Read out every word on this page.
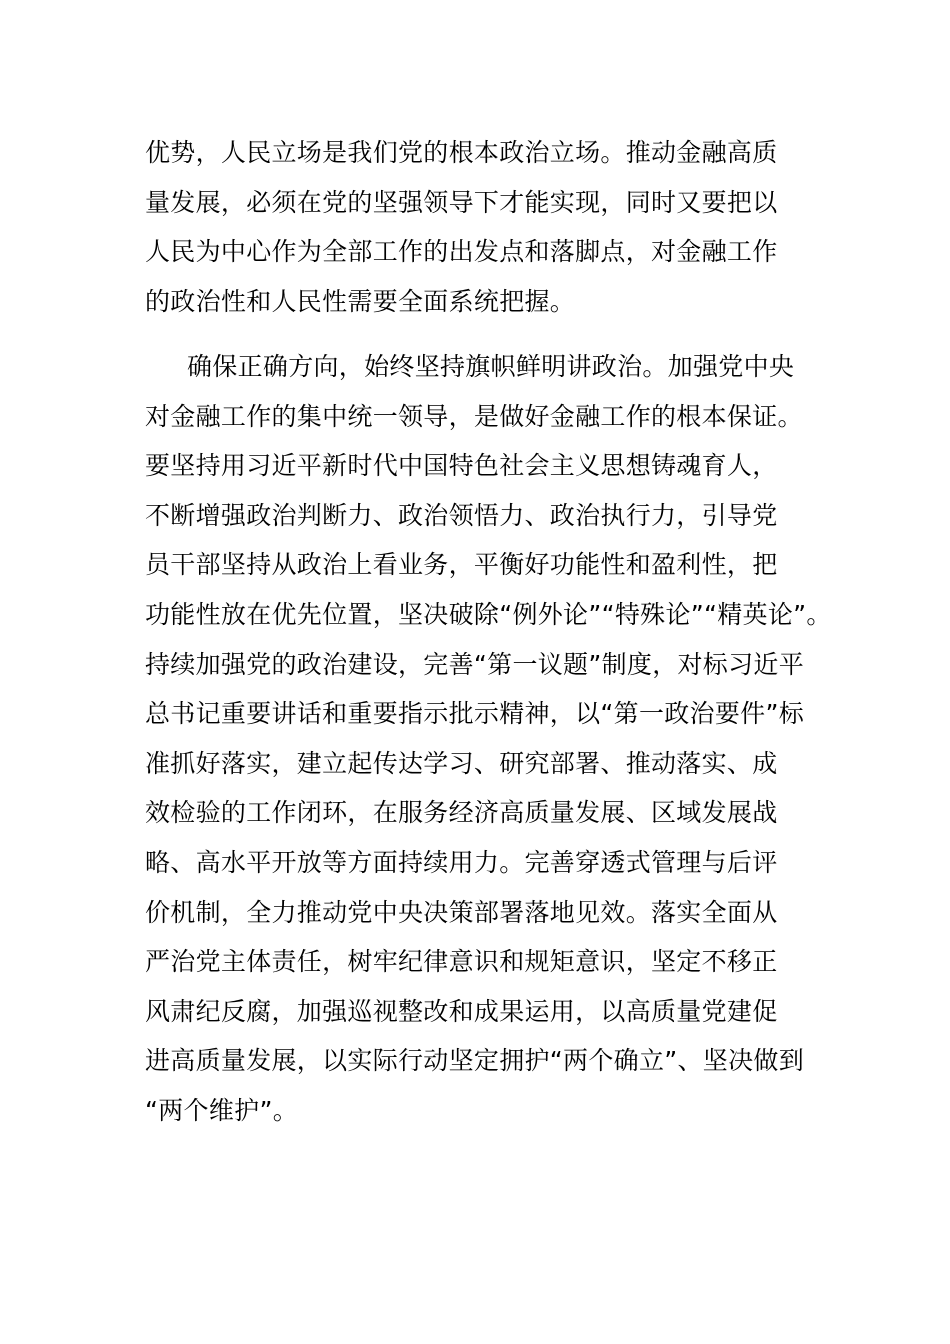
优势，人民立场是我们党的根本政治立场。推动金融高质
量发展，必须在党的坚强领导下才能实现，同时又要把以
人民为中心作为全部工作的出发点和落脚点，对金融工作
的政治性和人民性需要全面系统把握。
确保正确方向，始终坚持旗帜鲜明讲政治。加强党中央
对金融工作的集中统一领导，是做好金融工作的根本保证。
要坚持用习近平新时代中国特色社会主义思想铸魂育人，
不断增强政治判断力、政治领悟力、政治执行力，引导党
员干部坚持从政治上看业务，平衡好功能性和盈利性，把
功能性放在优先位置，坚决破除“例外论”“特殊论”“精英论”。
持续加强党的政治建设，完善“第一议题”制度，对标习近平
总书记重要讲话和重要指示批示精神，以“第一政治要件”标
准抓好落实，建立起传达学习、研究部署、推动落实、成
效检验的工作闭环，在服务经济高质量发展、区域发展战
略、高水平开放等方面持续用力。完善穿透式管理与后评
价机制，全力推动党中央决策部署落地见效。落实全面从
严治党主体责任，树牢纪律意识和规矩意识，坚定不移正
风肃纪反腐，加强巡视整改和成果运用，以高质量党建促
进高质量发展，以实际行动坚定拥护“两个确立”、坚决做到
“两个维护”。
